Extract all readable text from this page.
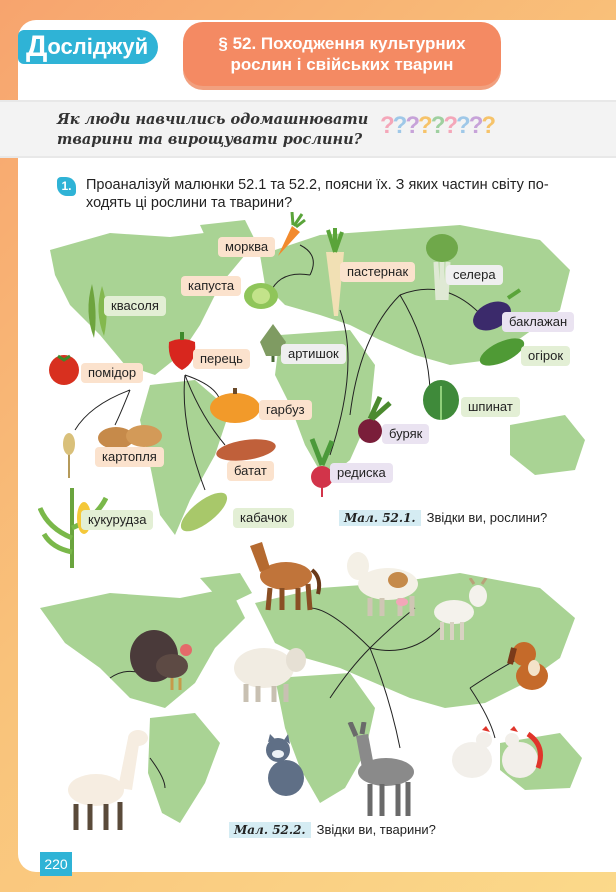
Досліджуй	§ 52. Походження культурних
рослин і свійських тварин
Як люди навчились одомашнювати
тварини та вирощувати рослини?
?????????
1.	Проаналізуй малюнки 52.1 та 52.2, поясни їх. З яких частин світу по-ходять ці рослини та тварини?
морква
капуста
пастернак	селера
квасоля
баклажан
перець	артишок	огірок
помідор
гарбуз	шпинат
буряк
картопля
батат	редиска
кукурудза	кабачок	Мал. 52.1. Звідки ви, рослини?
Мал. 52.2. Звідки ви, тварини?
220
